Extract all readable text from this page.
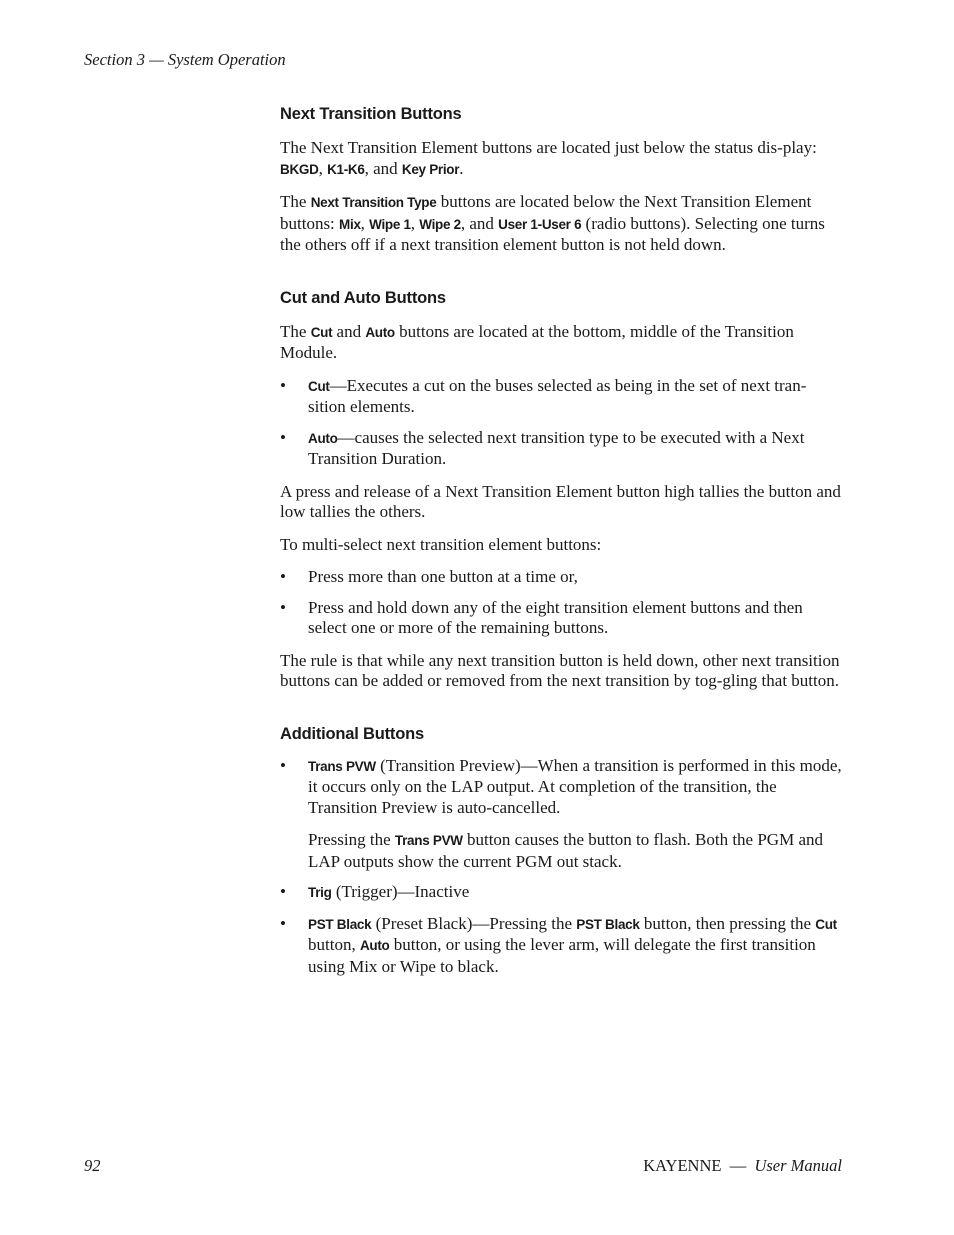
Section 3 — System Operation
Next Transition Buttons

The Next Transition Element buttons are located just below the status dis-play: BKGD, K1-K6, and Key Prior.

The Next Transition Type buttons are located below the Next Transition Element buttons: Mix, Wipe 1, Wipe 2, and User 1-User 6 (radio buttons). Selecting one turns the others off if a next transition element button is not held down.

Cut and Auto Buttons

The Cut and Auto buttons are located at the bottom, middle of the Transition Module.

• Cut—Executes a cut on the buses selected as being in the set of next tran-sition elements.
• Auto—causes the selected next transition type to be executed with a Next Transition Duration.

A press and release of a Next Transition Element button high tallies the button and low tallies the others.

To multi-select next transition element buttons:

• Press more than one button at a time or,
• Press and hold down any of the eight transition element buttons and then select one or more of the remaining buttons.

The rule is that while any next transition button is held down, other next transition buttons can be added or removed from the next transition by tog-gling that button.

Additional Buttons
• Trans PVW (Transition Preview)—When a transition is performed in this mode, it occurs only on the LAP output. At completion of the transition, the Transition Preview is auto-cancelled.

Pressing the Trans PVW button causes the button to flash. Both the PGM and LAP outputs show the current PGM out stack.

• Trig (Trigger)—Inactive
• PST Black (Preset Black)—Pressing the PST Black button, then pressing the Cut button, Auto button, or using the lever arm, will delegate the first transition using Mix or Wipe to black.
92	KAYENNE — User Manual
